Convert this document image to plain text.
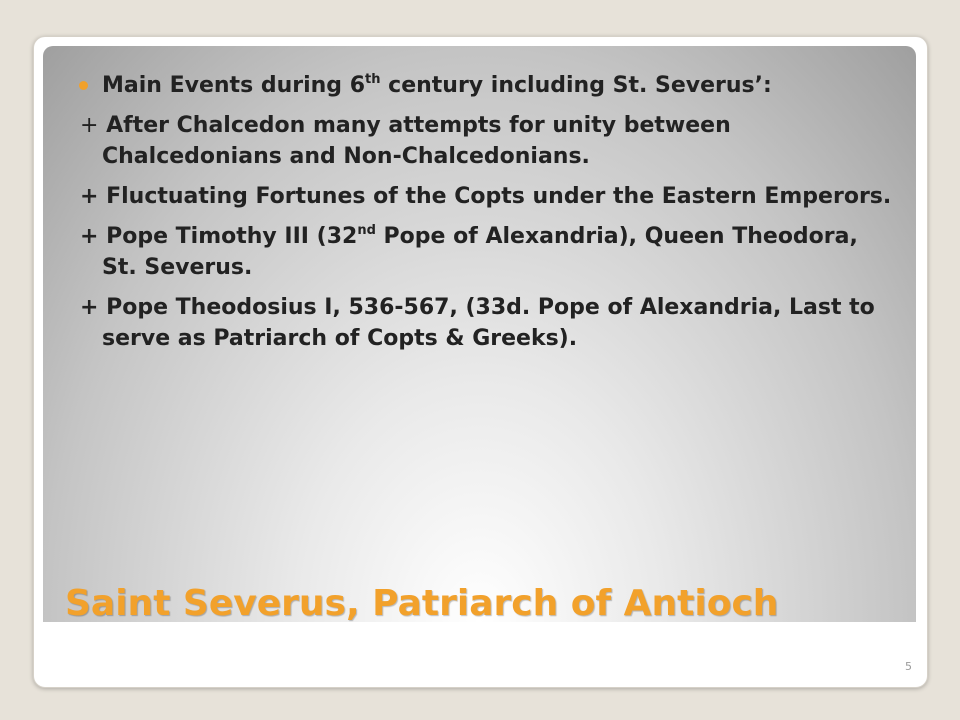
Main Events during 6th century including St. Severus’:

+ After Chalcedon many attempts for unity between Chalcedonians and Non-Chalcedonians.

+ Fluctuating Fortunes of the Copts under the Eastern Emperors.

+ Pope Timothy III (32nd Pope of Alexandria), Queen Theodora, St. Severus.

+ Pope Theodosius I, 536-567, (33d. Pope of Alexandria, Last to serve as Patriarch of Copts & Greeks).

Saint Severus, Patriarch of Antioch
5
